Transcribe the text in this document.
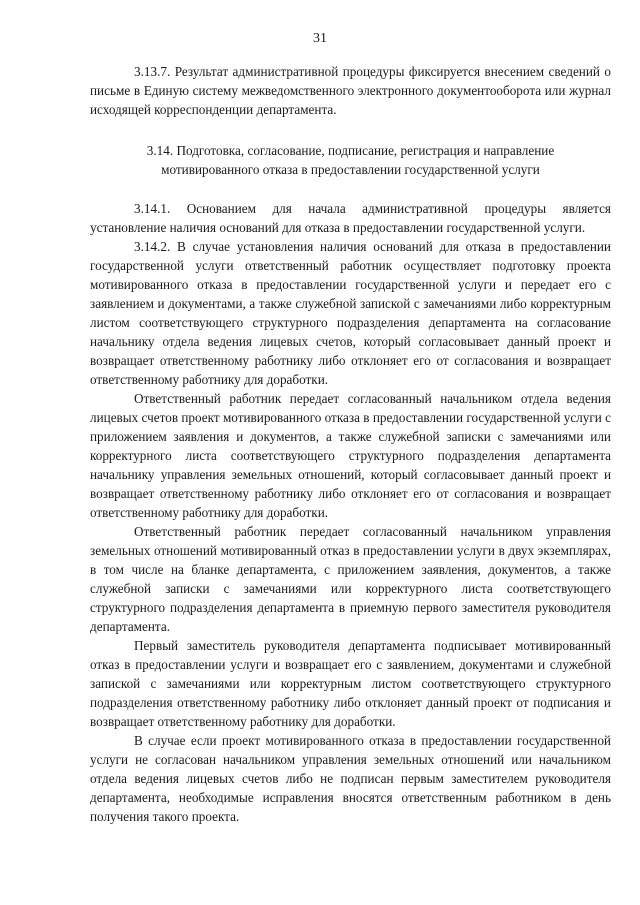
31

3.13.7. Результат административной процедуры фиксируется внесением сведений о письме в Единую систему межведомственного электронного документооборота или журнал исходящей корреспонденции департамента.

3.14. Подготовка, согласование, подписание, регистрация и направление
мотивированного отказа в предоставлении государственной услуги

3.14.1. Основанием для начала административной процедуры является установление наличия оснований для отказа в предоставлении государственной услуги.

3.14.2. В случае установления наличия оснований для отказа в предоставлении государственной услуги ответственный работник осуществляет подготовку проекта мотивированного отказа в предоставлении государственной услуги и передает его с заявлением и документами, а также служебной запиской с замечаниями либо корректурным листом соответствующего структурного подразделения департамента на согласование начальнику отдела ведения лицевых счетов, который согласовывает данный проект и возвращает ответственному работнику либо отклоняет его от согласования и возвращает ответственному работнику для доработки.

Ответственный работник передает согласованный начальником отдела ведения лицевых счетов проект мотивированного отказа в предоставлении государственной услуги с приложением заявления и документов, а также служебной записки с замечаниями или корректурного листа соответствующего структурного подразделения департамента начальнику управления земельных отношений, который согласовывает данный проект и возвращает ответственному работнику либо отклоняет его от согласования и возвращает ответственному работнику для доработки.

Ответственный работник передает согласованный начальником управления земельных отношений мотивированный отказ в предоставлении услуги в двух экземплярах, в том числе на бланке департамента, с приложением заявления, документов, а также служебной записки с замечаниями или корректурного листа соответствующего структурного подразделения департамента в приемную первого заместителя руководителя департамента.

Первый заместитель руководителя департамента подписывает мотивированный отказ в предоставлении услуги и возвращает его с заявлением, документами и служебной запиской с замечаниями или корректурным листом соответствующего структурного подразделения ответственному работнику либо отклоняет данный проект от подписания и возвращает ответственному работнику для доработки.

В случае если проект мотивированного отказа в предоставлении государственной услуги не согласован начальником управления земельных отношений или начальником отдела ведения лицевых счетов либо не подписан первым заместителем руководителя департамента, необходимые исправления вносятся ответственным работником в день получения такого проекта.
